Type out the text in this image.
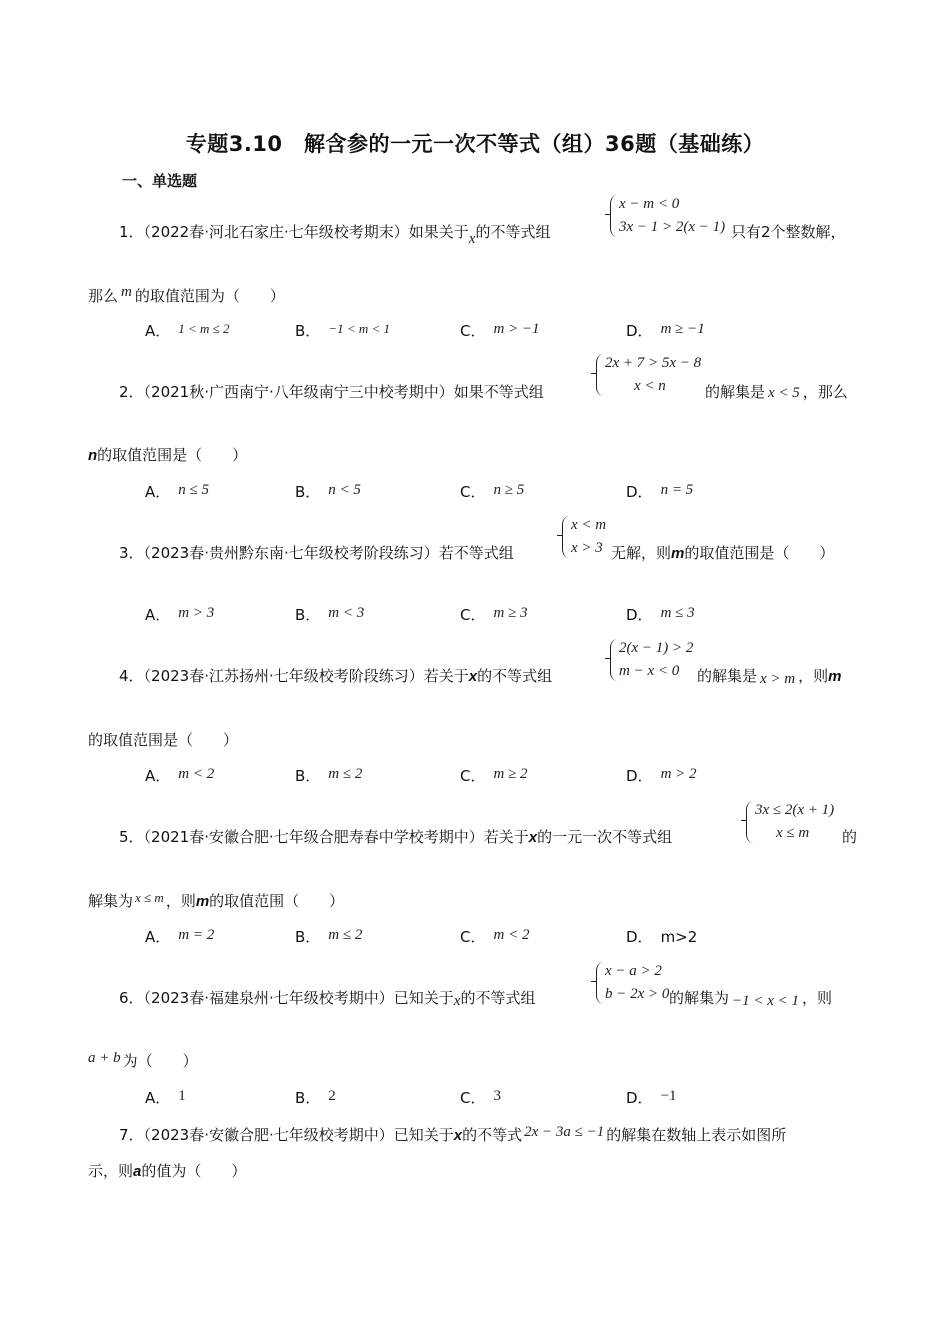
专题3.10　解含参的一元一次不等式（组）36题（基础练）
一、单选题
1．（2022春·河北石家庄·七年级校考期末）如果关于x的不等式组
x − m < 0
3x − 1 > 2(x − 1) 只有2个整数解，
那么 m 的取值范围为（　　）
A． 1 < m ≤ 2	B． −1 < m < 1	C． m > −1	D． m ≥ −1
2．（2021秋·广西南宁·八年级南宁三中校考期中）如果不等式组
2x + 7 > 5x − 8
x < n	的解集是 x < 5 ，那么
n的取值范围是（　　）
A． n ≤ 5	B． n < 5	C． n ≥ 5	D． n = 5
3．（2023春·贵州黔东南·七年级校考阶段练习）若不等式组
x < m
x > 3 无解，则m的取值范围是（　　）
A． m > 3	B． m < 3	C． m ≥ 3	D． m ≤ 3
4．（2023春·江苏扬州·七年级校考阶段练习）若关于x的不等式组
2(x − 1) > 2
m − x < 0 的解集是 x > m ，则m
的取值范围是（　　）
A． m < 2	B． m ≤ 2	C． m ≥ 2	D． m > 2
5．（2021春·安徽合肥·七年级合肥寿春中学校考期中）若关于x的一元一次不等式组
3x ≤ 2(x + 1)
x ≤ m 的
解集为 x ≤ m ，则m的取值范围（　　）
A． m = 2	B． m ≤ 2	C． m < 2	D． m>2
6．（2023春·福建泉州·七年级校考期中）已知关于x的不等式组
x − a > 2
b − 2x > 0 的解集为 −1 < x < 1 ，则
a + b 为（　　）
A． 1	B． 2	C． 3	D． −1
7．（2023春·安徽合肥·七年级校考期中）已知关于x的不等式 2x − 3a ≤ −1 的解集在数轴上表示如图所
示，则a的值为（　　）
